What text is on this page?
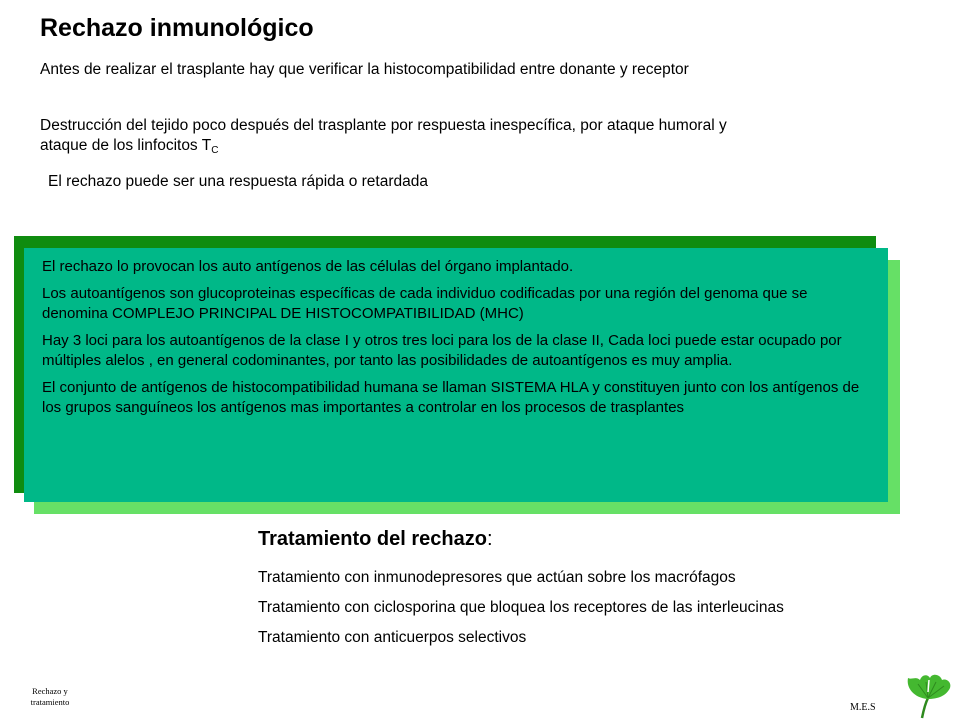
Rechazo inmunológico

Antes de realizar el trasplante hay que verificar la histocompatibilidad entre donante y receptor

Destrucción del tejido poco después del trasplante por respuesta inespecífica, por ataque humoral y ataque de los linfocitos $T_C$

El rechazo puede ser una respuesta rápida o retardada

El rechazo lo provocan los auto antígenos de las células del órgano implantado.

Los autoantígenos son glucoproteinas específicas de cada individuo codificadas por una región del genoma que se denomina COMPLEJO PRINCIPAL DE HISTOCOMPATIBILIDAD (MHC)

Hay 3 loci para los autoantígenos de la clase I y otros tres loci para los de la clase II, Cada loci puede estar ocupado por múltiples alelos , en general codominantes, por tanto las posibilidades de autoantígenos es muy amplia.

El conjunto de antígenos de histocompatibilidad humana se llaman SISTEMA HLA y constituyen junto con los antígenos de los grupos sanguíneos los antígenos mas importantes a controlar en los procesos de trasplantes

Tratamiento del rechazo:
Tratamiento con inmunodepresores que actúan sobre los macrófagos
Tratamiento con ciclosporina que bloquea los receptores de las interleucinas
Tratamiento con anticuerpos selectivos
Rechazo y
tratamiento	M.E.S
